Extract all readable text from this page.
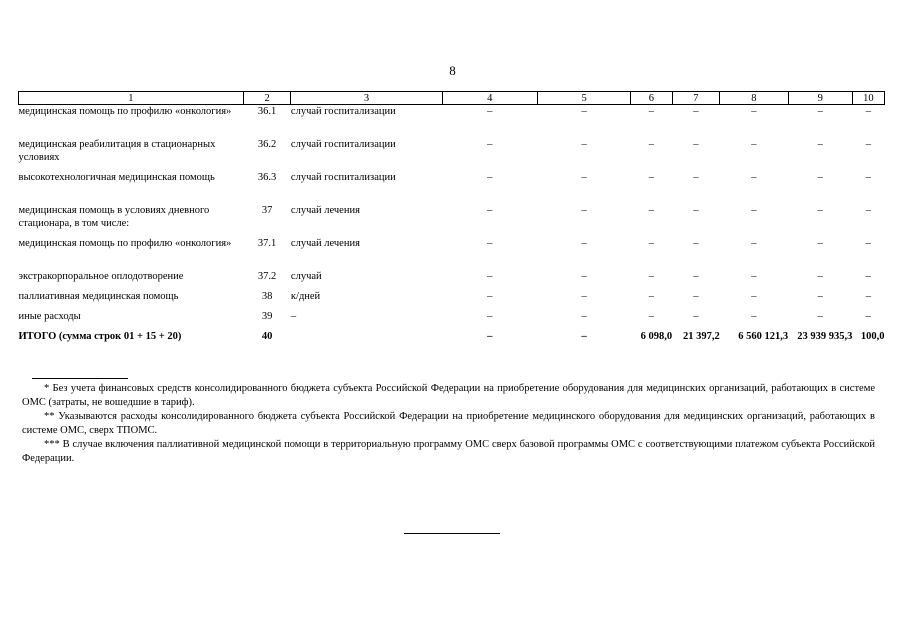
8
1	2	3	4	5	6	7	8	9	10
медицинская помощь по профилю «онкология»	36.1	случай госпитализации	–	–	–	–	–	–	–
медицинская реабилитация в стационарных условиях	36.2	случай госпитализации	–	–	–	–	–	–	–
высокотехнологичная медицинская помощь	36.3	случай госпитализации	–	–	–	–	–	–	–
медицинская помощь в условиях дневного стационара, в том числе:	37	случай лечения	–	–	–	–	–	–	–
медицинская помощь по профилю «онкология»	37.1	случай лечения	–	–	–	–	–	–	–
экстракорпоральное оплодотворение	37.2	случай	–	–	–	–	–	–	–
паллиативная медицинская помощь	38	к/дней	–	–	–	–	–	–	–
иные расходы	39	–	–	–	–	–	–	–	–
ИТОГО (сумма строк 01 + 15 + 20)	40		–	–	6 098,0	21 397,2	6 560 121,3	23 939 935,3	100,0

* Без учета финансовых средств консолидированного бюджета субъекта Российской Федерации на приобретение оборудования для медицинских организаций, работающих в системе ОМС (затраты, не вошедшие в тариф).

** Указываются расходы консолидированного бюджета субъекта Российской Федерации на приобретение медицинского оборудования для медицинских организаций, работающих в системе ОМС, сверх ТПОМС.

*** В случае включения паллиативной медицинской помощи в территориальную программу ОМС сверх базовой программы ОМС с соответствующими платежом субъекта Российской Федерации.
